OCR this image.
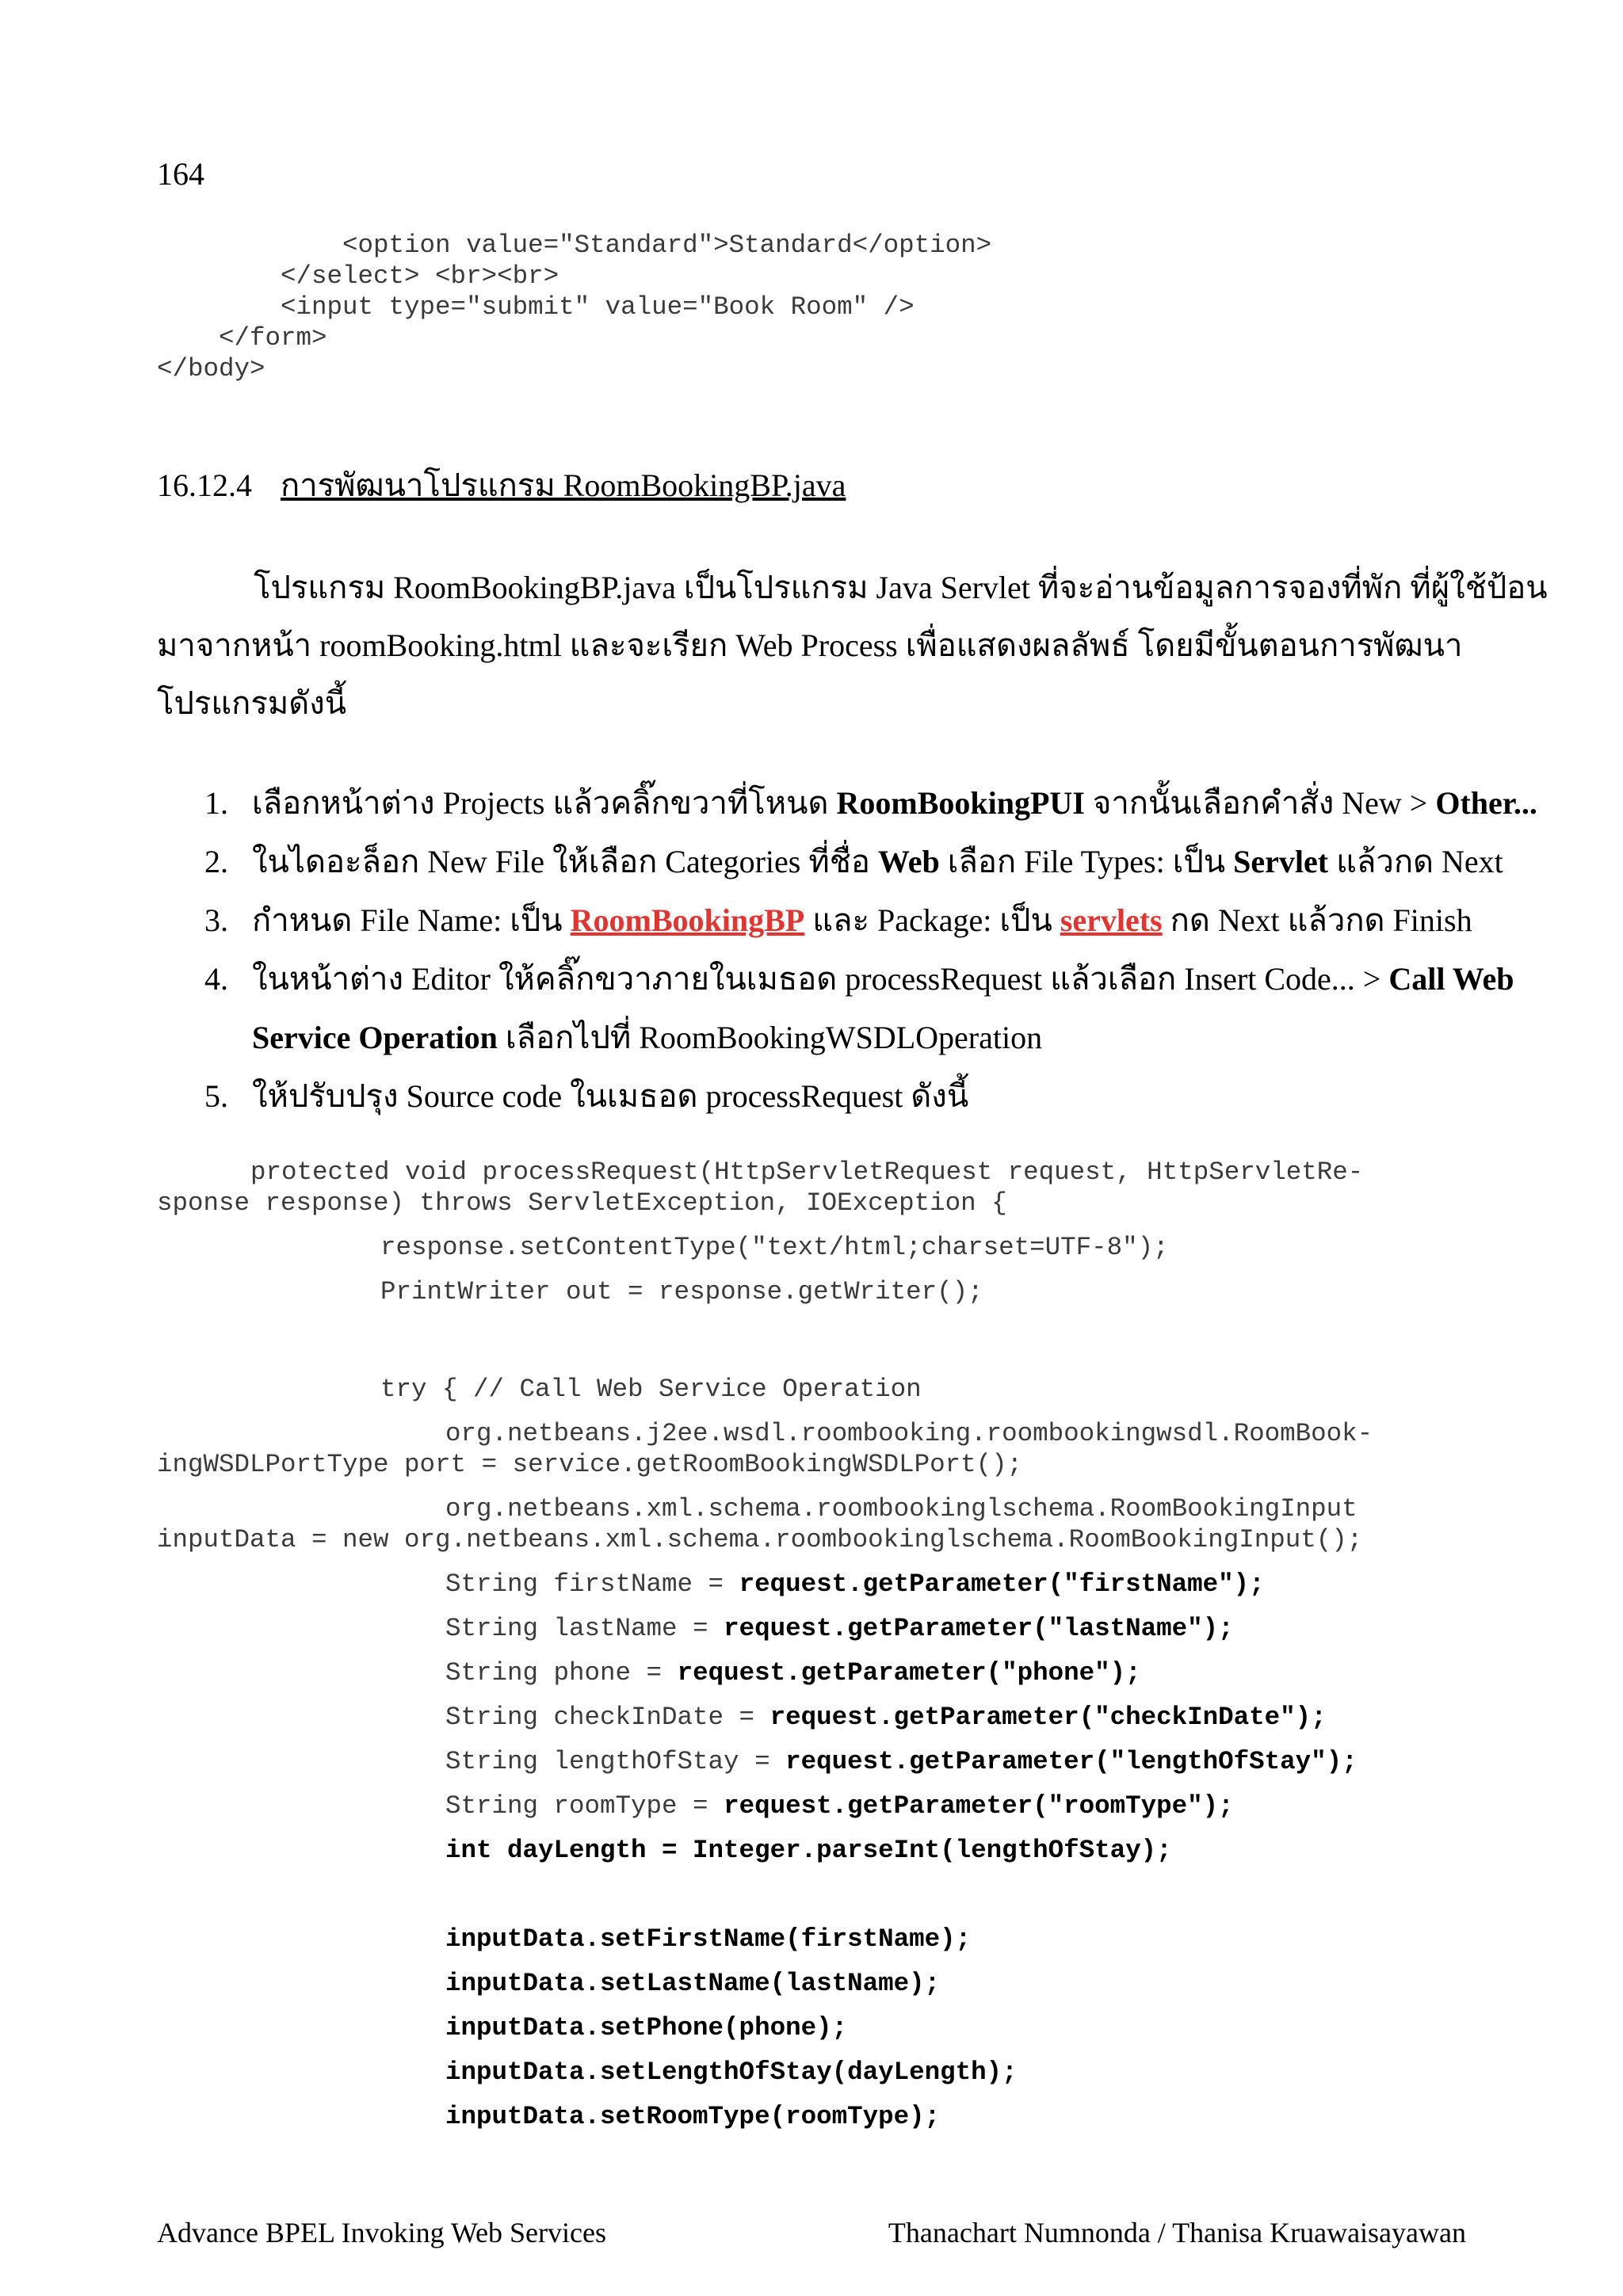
164
<option value="Standard">Standard</option>
</select> <br><br>
<input type="submit" value="Book Room" />
</form>
</body>
16.12.4 การพัฒนาโปรแกรม RoomBookingBP.java
โปรแกรม RoomBookingBP.java เป็นโปรแกรม Java Servlet ที่จะอ่านข้อมูลการจองที่พัก ที่ผู้ใช้ป้อน
มาจากหน้า roomBooking.html และจะเรียก Web Process เพื่อแสดงผลลัพธ์ โดยมีขั้นตอนการพัฒนา
โปรแกรมดังนี้
1. เลือกหน้าต่าง Projects แล้วคลิ๊กขวาที่โหนด RoomBookingPUI จากนั้นเลือกคำสั่ง New > Other...
2. ในไดอะล็อก New File ให้เลือก Categories ที่ชื่อ Web เลือก File Types: เป็น Servlet แล้วกด Next
3. กำหนด File Name: เป็น RoomBookingBP และ Package: เป็น servlets กด Next แล้วกด Finish
4. ในหน้าต่าง Editor ให้คลิ๊กขวาภายในเมธอด processRequest แล้วเลือก Insert Code... > Call Web
Service Operation เลือกไปที่ RoomBookingWSDLOperation
5. ให้ปรับปรุง Source code ในเมธอด processRequest ดังนี้
protected void processRequest(HttpServletRequest request, HttpServletRe-
sponse response) throws ServletException, IOException {
response.setContentType("text/html;charset=UTF-8");
PrintWriter out = response.getWriter();
try { // Call Web Service Operation
org.netbeans.j2ee.wsdl.roombooking.roombookingwsdl.RoomBook-
ingWSDLPortType port = service.getRoomBookingWSDLPort();
org.netbeans.xml.schema.roombookinglschema.RoomBookingInput
inputData = new org.netbeans.xml.schema.roombookinglschema.RoomBookingInput();
String firstName = request.getParameter("firstName");
String lastName = request.getParameter("lastName");
String phone = request.getParameter("phone");
String checkInDate = request.getParameter("checkInDate");
String lengthOfStay = request.getParameter("lengthOfStay");
String roomType = request.getParameter("roomType");
int dayLength = Integer.parseInt(lengthOfStay);
inputData.setFirstName(firstName);
inputData.setLastName(lastName);
inputData.setPhone(phone);
inputData.setLengthOfStay(dayLength);
inputData.setRoomType(roomType);
Advance BPEL Invoking Web Services	Thanachart Numnonda / Thanisa Kruawaisayawan
